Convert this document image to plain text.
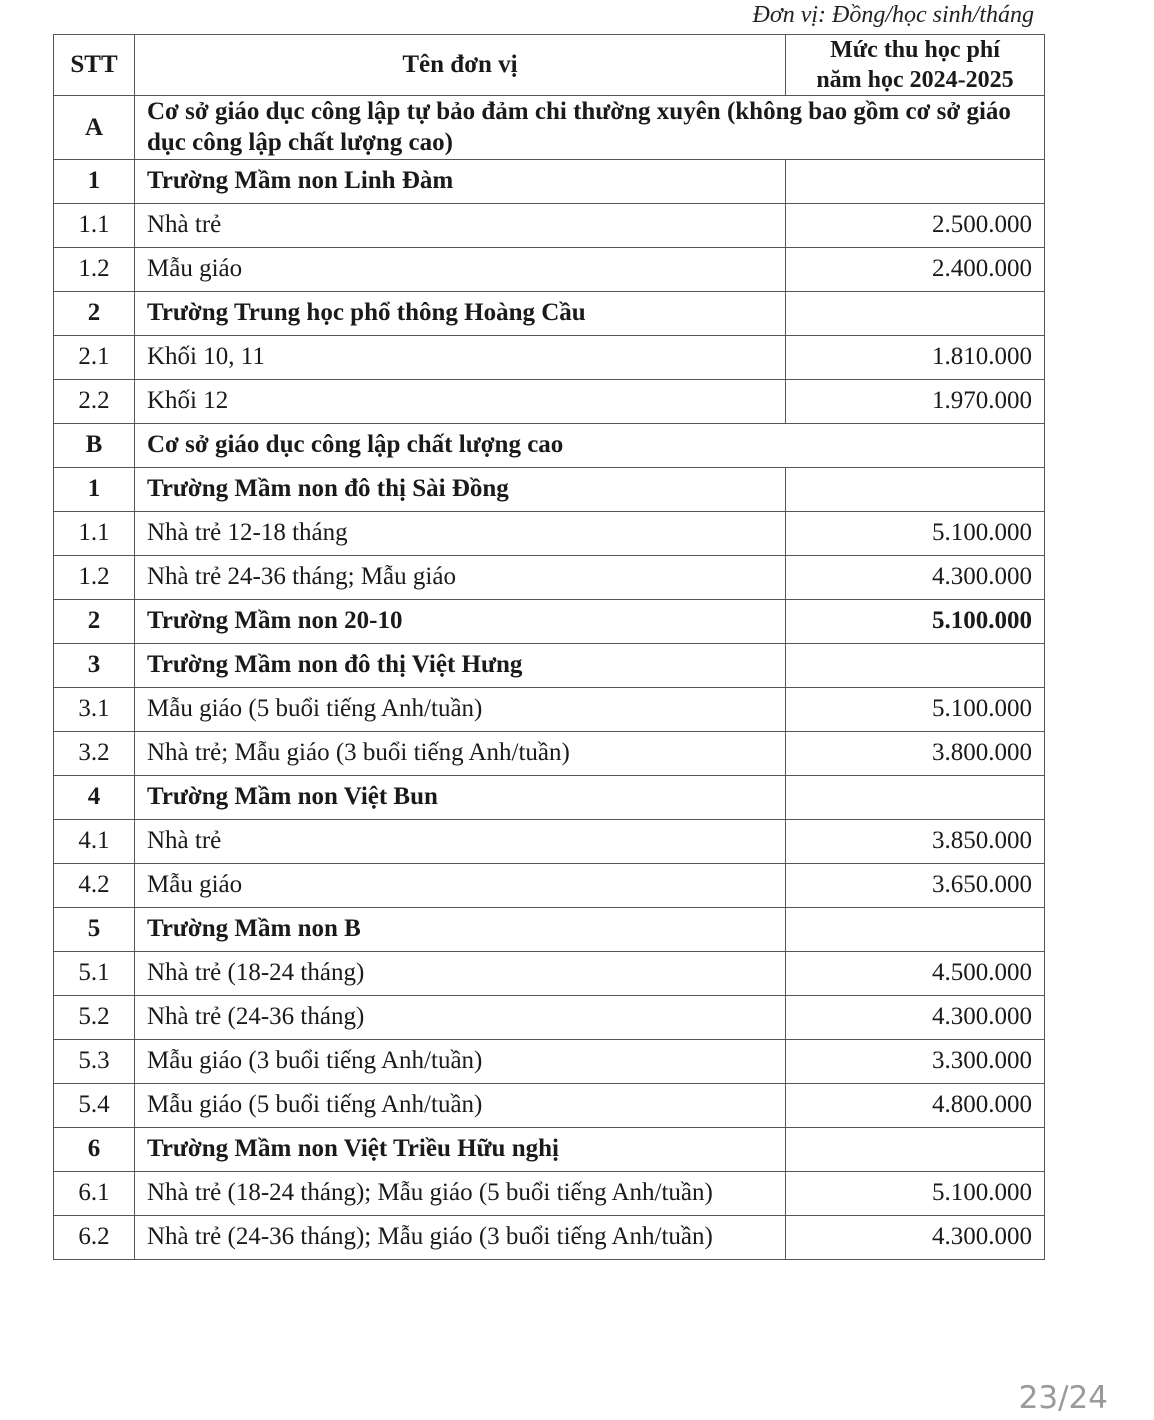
Đơn vị: Đồng/học sinh/tháng
STT	Tên đơn vị	Mức thu học phí
năm học 2024-2025
A	Cơ sở giáo dục công lập tự bảo đảm chi thường xuyên (không bao gồm cơ sở giáo dục công lập chất lượng cao)	
1	Trường Mầm non Linh Đàm	
1.1	Nhà trẻ	2.500.000
1.2	Mẫu giáo	2.400.000
2	Trường Trung học phổ thông Hoàng Cầu	
2.1	Khối 10, 11	1.810.000
2.2	Khối 12	1.970.000
B	Cơ sở giáo dục công lập chất lượng cao	
1	Trường Mầm non đô thị Sài Đồng	
1.1	Nhà trẻ 12-18 tháng	5.100.000
1.2	Nhà trẻ 24-36 tháng; Mẫu giáo	4.300.000
2	Trường Mầm non 20-10	5.100.000
3	Trường Mầm non đô thị Việt Hưng	
3.1	Mẫu giáo (5 buổi tiếng Anh/tuần)	5.100.000
3.2	Nhà trẻ; Mẫu giáo (3 buổi tiếng Anh/tuần)	3.800.000
4	Trường Mầm non Việt Bun	
4.1	Nhà trẻ	3.850.000
4.2	Mẫu giáo	3.650.000
5	Trường Mầm non B	
5.1	Nhà trẻ (18-24 tháng)	4.500.000
5.2	Nhà trẻ (24-36 tháng)	4.300.000
5.3	Mẫu giáo (3 buổi tiếng Anh/tuần)	3.300.000
5.4	Mẫu giáo (5 buổi tiếng Anh/tuần)	4.800.000
6	Trường Mầm non Việt Triều Hữu nghị	
6.1	Nhà trẻ (18-24 tháng); Mẫu giáo (5 buổi tiếng Anh/tuần)	5.100.000
6.2	Nhà trẻ (24-36 tháng); Mẫu giáo (3 buổi tiếng Anh/tuần)	4.300.000
23/24
